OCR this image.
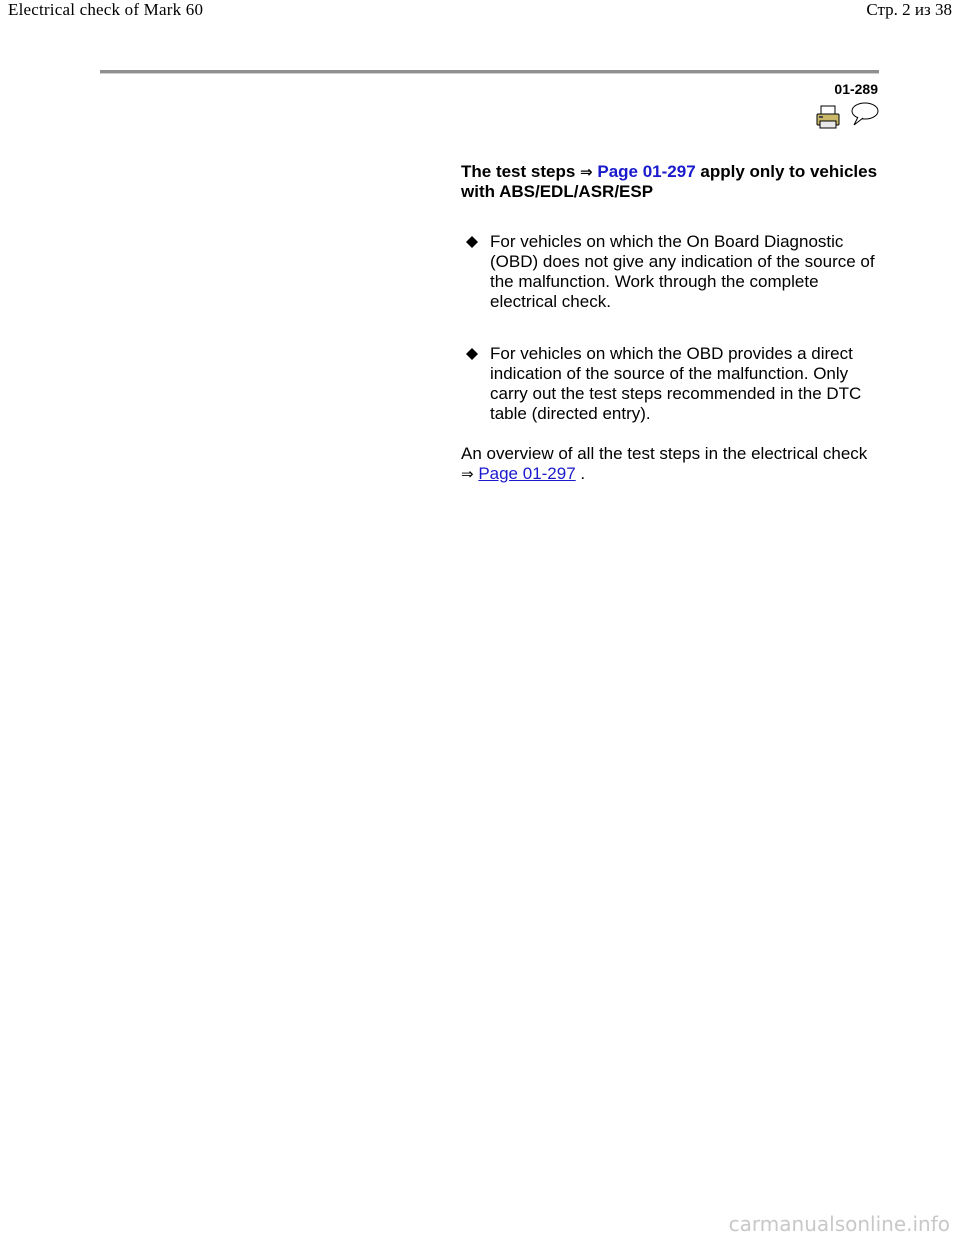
Electrical check of Mark 60	Стр. 2 из 38
01-289

The test steps ⇒ Page 01-297 apply only to vehicles with ABS/EDL/ASR/ESP

For vehicles on which the On Board Diagnostic (OBD) does not give any indication of the source of the malfunction. Work through the complete electrical check.
For vehicles on which the OBD provides a direct indication of the source of the malfunction. Only carry out the test steps recommended in the DTC table (directed entry).

An overview of all the test steps in the electrical check ⇒ Page 01-297 .

carmanualsonline.info
